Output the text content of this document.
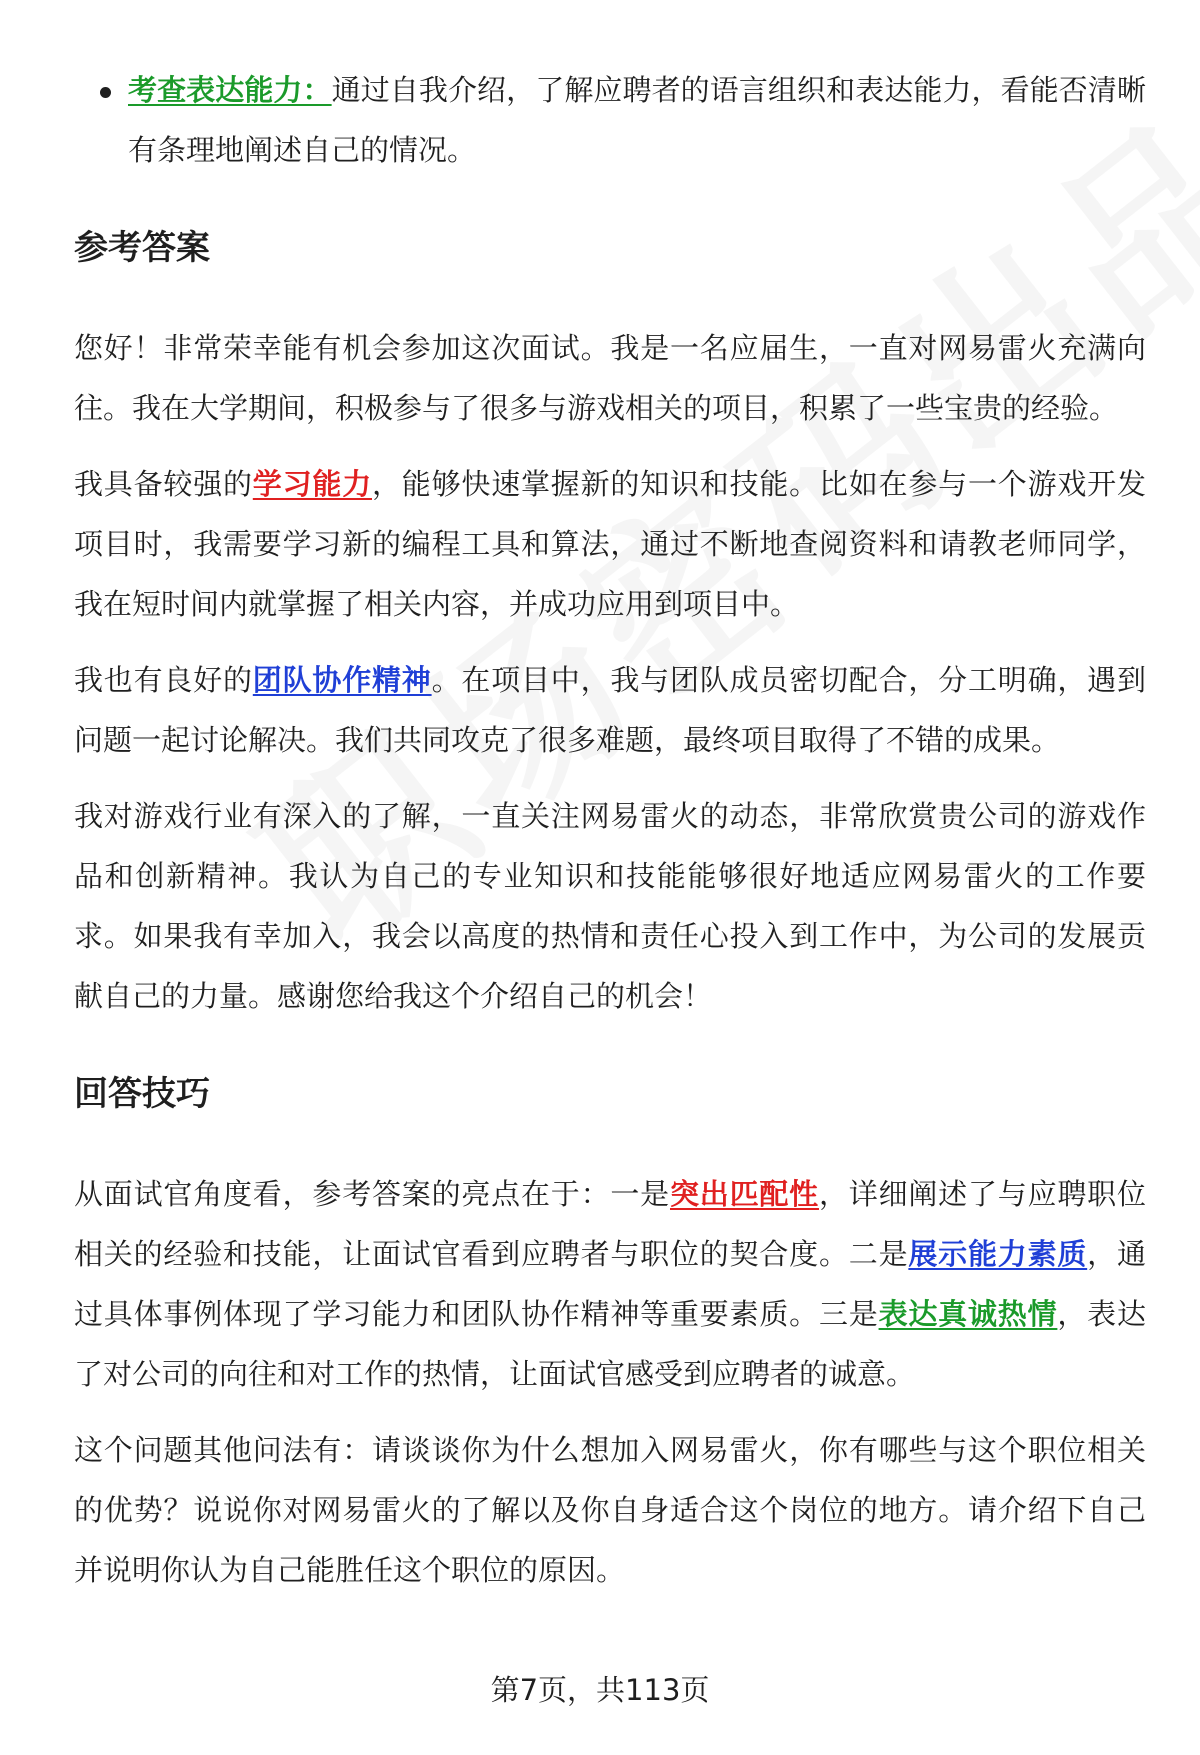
考查表达能力：通过自我介绍，了解应聘者的语言组织和表达能力，看能否清晰有条理地阐述自己的情况。

参考答案

您好！非常荣幸能有机会参加这次面试。我是一名应届生，一直对网易雷火充满向往。我在大学期间，积极参与了很多与游戏相关的项目，积累了一些宝贵的经验。

我具备较强的学习能力，能够快速掌握新的知识和技能。比如在参与一个游戏开发项目时，我需要学习新的编程工具和算法，通过不断地查阅资料和请教老师同学，我在短时间内就掌握了相关内容，并成功应用到项目中。

我也有良好的团队协作精神。在项目中，我与团队成员密切配合，分工明确，遇到问题一起讨论解决。我们共同攻克了很多难题，最终项目取得了不错的成果。

我对游戏行业有深入的了解，一直关注网易雷火的动态，非常欣赏贵公司的游戏作品和创新精神。我认为自己的专业知识和技能能够很好地适应网易雷火的工作要求。如果我有幸加入，我会以高度的热情和责任心投入到工作中，为公司的发展贡献自己的力量。感谢您给我这个介绍自己的机会！

回答技巧

从面试官角度看，参考答案的亮点在于：一是突出匹配性，详细阐述了与应聘职位相关的经验和技能，让面试官看到应聘者与职位的契合度。二是展示能力素质，通过具体事例体现了学习能力和团队协作精神等重要素质。三是表达真诚热情，表达了对公司的向往和对工作的热情，让面试官感受到应聘者的诚意。

这个问题其他问法有：请谈谈你为什么想加入网易雷火，你有哪些与这个职位相关的优势？说说你对网易雷火的了解以及你自身适合这个岗位的地方。请介绍下自己并说明你认为自己能胜任这个职位的原因。

第7页，共113页
